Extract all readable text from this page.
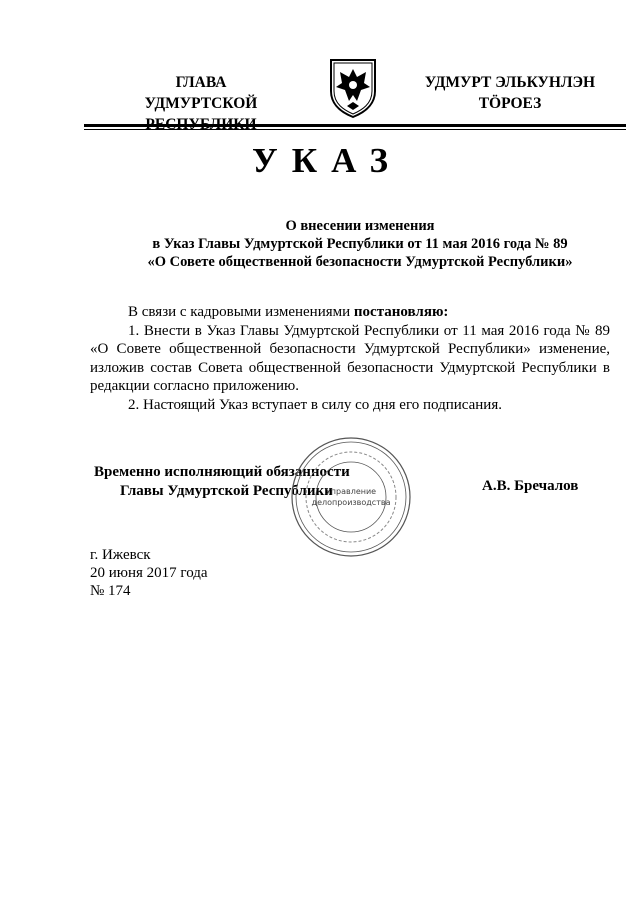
ГЛАВА
УДМУРТСКОЙ
УДМУРТ ЭЛЬКУНЛЭН
ТӦРОЕЗ
УКАЗ
О внесении изменения
в Указ Главы Удмуртской Республики от 11 мая 2016 года № 89
«О Совете общественной безопасности Удмуртской Республики»

В связи с кадровыми изменениями постановляю:

1. Внести в Указ Главы Удмуртской Республики от 11 мая 2016 года № 89 «О Совете общественной безопасности Удмуртской Республики» изменение, изложив состав Совета общественной безопасности Удмуртской Республики в редакции согласно приложению.

2. Настоящий Указ вступает в силу со дня его подписания.

Временно исполняющий обязанности
Главы Удмуртской Республики	А.В. Бречалов
Управление
делопроизводства
г. Ижевск
20 июня 2017 года
№ 174
